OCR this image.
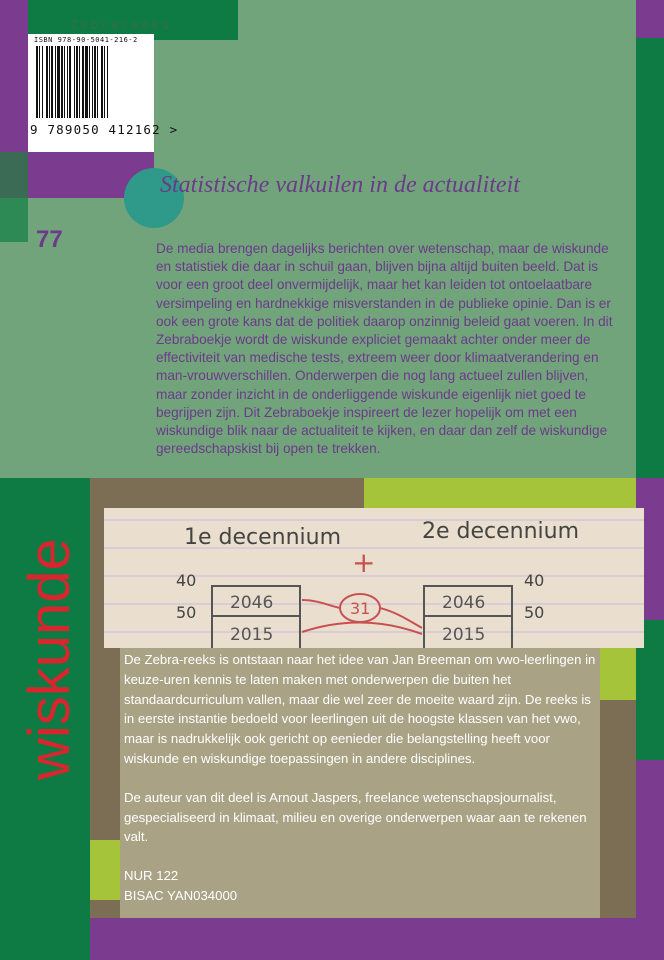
Zebrareeks
ISBN 978-90-5041-216-2
9 789050 412162 >
Statistische valkuilen in de actualiteit
77	De media brengen dagelijks berichten over wetenschap, maar de wiskunde en statistiek die daar in schuil gaan, blijven bijna altijd buiten beeld. Dat is voor een groot deel onvermijdelijk, maar het kan leiden tot ontoelaatbare versimpeling en hardnekkige misverstanden in de publieke opinie. Dan is er ook een grote kans dat de politiek daarop onzinnig beleid gaat voeren. In dit Zebraboekje wordt de wiskunde expliciet gemaakt achter onder meer de effectiviteit van medische tests, extreem weer door klimaatverandering en man-vrouwverschillen. Onderwerpen die nog lang actueel zullen blijven, maar zonder inzicht in de onderliggende wiskunde eigenlijk niet goed te begrijpen zijn. Dit Zebraboekje inspireert de lezer hopelijk om met een wiskundige blik naar de actualiteit te kijken, en daar dan zelf de wiskundige gereedschapskist bij open te trekken.

wiskunde
1e decennium	2e decennium
+
40
50
40
50
2046
2015
2046
2015
31

De Zebra-reeks is ontstaan naar het idee van Jan Breeman om vwo-leerlingen in keuze-uren kennis te laten maken met onderwerpen die buiten het standaardcurriculum vallen, maar die wel zeer de moeite waard zijn. De reeks is in eerste instantie bedoeld voor leerlingen uit de hoogste klassen van het vwo, maar is nadrukkelijk ook gericht op eenieder die belangstelling heeft voor wiskunde en wiskundige toepassingen in andere disciplines.

De auteur van dit deel is Arnout Jaspers, freelance wetenschapsjournalist, gespecialiseerd in klimaat, milieu en overige onderwerpen waar aan te rekenen valt.

NUR 122

BISAC YAN034000
